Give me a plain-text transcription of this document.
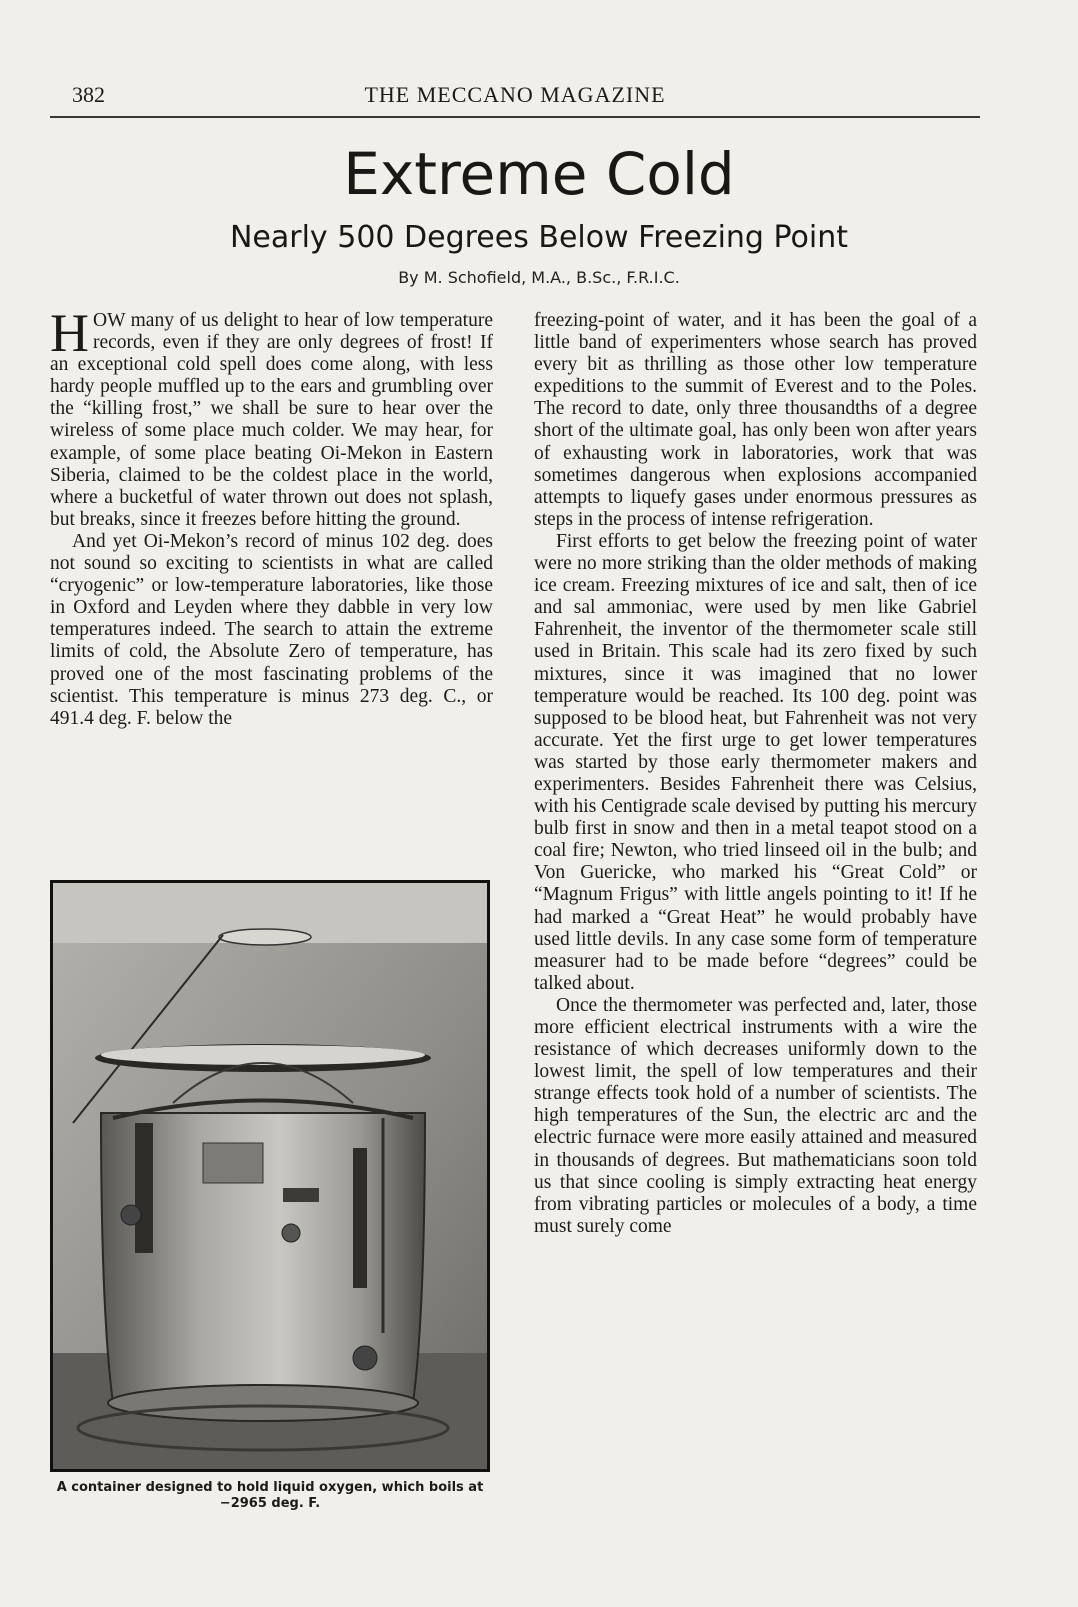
382	THE MECCANO MAGAZINE
Extreme Cold
Nearly 500 Degrees Below Freezing Point
By M. Schofield, M.A., B.Sc., F.R.I.C.

HOW many of us delight to hear of low temperature records, even if they are only degrees of frost! If an exceptional cold spell does come along, with less hardy people muffled up to the ears and grumbling over the “killing frost,” we shall be sure to hear over the wireless of some place much colder. We may hear, for example, of some place beating Oi-Mekon in Eastern Siberia, claimed to be the coldest place in the world, where a bucketful of water thrown out does not splash, but breaks, since it freezes before hitting the ground.

And yet Oi-Mekon’s record of minus 102 deg. does not sound so exciting to scientists in what are called “cryogenic” or low-temperature laboratories, like those in Oxford and Leyden where they dabble in very low temperatures indeed. The search to attain the extreme limits of cold, the Absolute Zero of temperature, has proved one of the most fascinating problems of the scientist. This temperature is minus 273 deg. C., or 491.4 deg. F. below the

A container designed to hold liquid oxygen, which boils at −2965 deg. F.

freezing-point of water, and it has been the goal of a little band of experimenters whose search has proved every bit as thrilling as those other low temperature expeditions to the summit of Everest and to the Poles. The record to date, only three thousandths of a degree short of the ultimate goal, has only been won after years of exhausting work in laboratories, work that was sometimes dangerous when explosions accompanied attempts to liquefy gases under enormous pressures as steps in the process of intense refrigeration.

First efforts to get below the freezing point of water were no more striking than the older methods of making ice cream. Freezing mixtures of ice and salt, then of ice and sal ammoniac, were used by men like Gabriel Fahrenheit, the inventor of the thermometer scale still used in Britain. This scale had its zero fixed by such mixtures, since it was imagined that no lower temperature would be reached. Its 100 deg. point was supposed to be blood heat, but Fahrenheit was not very accurate. Yet the first urge to get lower temperatures was started by those early thermometer makers and experimenters. Besides Fahrenheit there was Celsius, with his Centigrade scale devised by putting his mercury bulb first in snow and then in a metal teapot stood on a coal fire; Newton, who tried linseed oil in the bulb; and Von Guericke, who marked his “Great Cold” or “Magnum Frigus” with little angels pointing to it! If he had marked a “Great Heat” he would probably have used little devils. In any case some form of temperature measurer had to be made before “degrees” could be talked about.

Once the thermometer was perfected and, later, those more efficient electrical instruments with a wire the resistance of which decreases uniformly down to the lowest limit, the spell of low temperatures and their strange effects took hold of a number of scientists. The high temperatures of the Sun, the electric arc and the electric furnace were more easily attained and measured in thousands of degrees. But mathematicians soon told us that since cooling is simply extracting heat energy from vibrating particles or molecules of a body, a time must surely come
